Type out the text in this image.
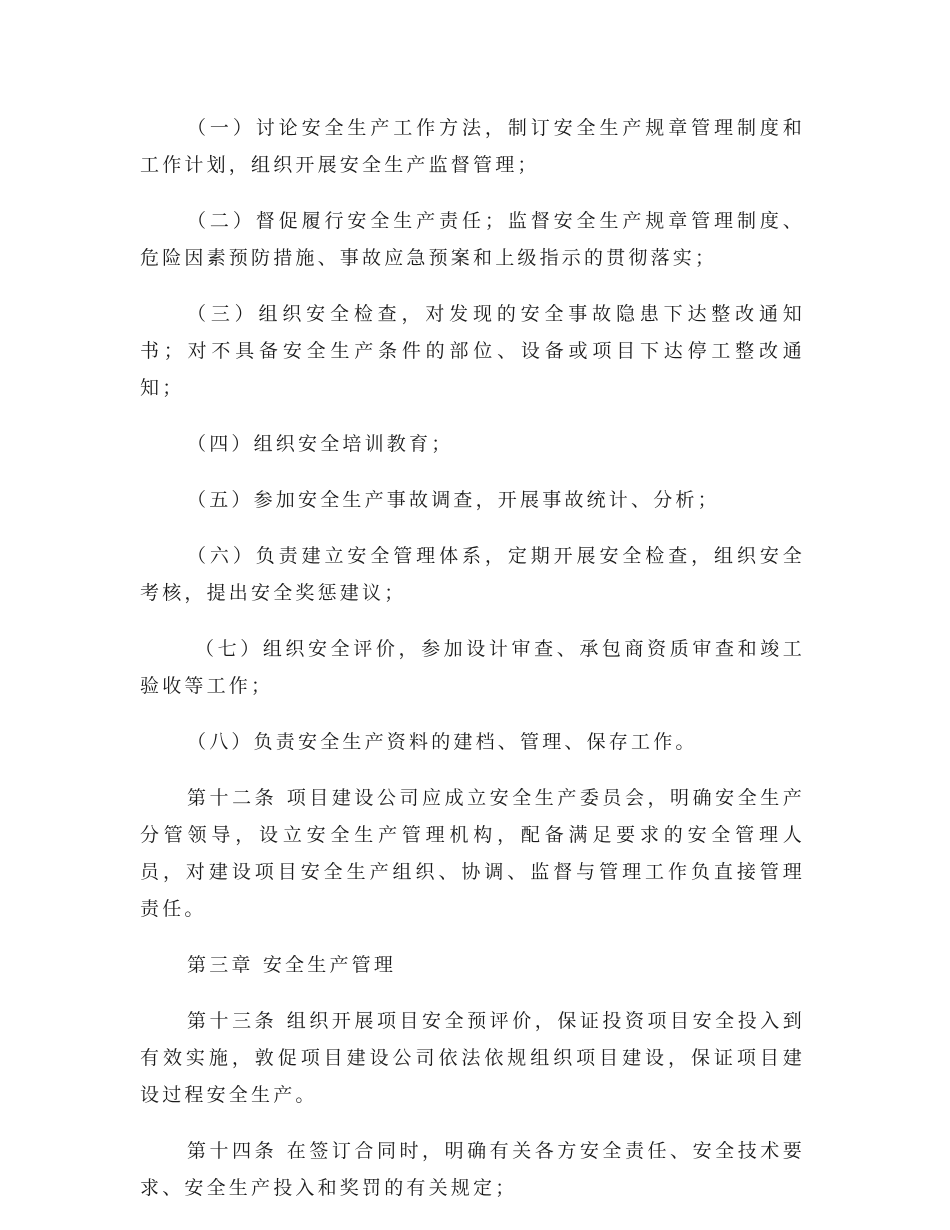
（一）讨论安全生产工作方法，制订安全生产规章管理制度和工作计划，组织开展安全生产监督管理；

（二）督促履行安全生产责任；监督安全生产规章管理制度、危险因素预防措施、事故应急预案和上级指示的贯彻落实；

（三）组织安全检查，对发现的安全事故隐患下达整改通知书；对不具备安全生产条件的部位、设备或项目下达停工整改通知；

（四）组织安全培训教育；

（五）参加安全生产事故调查，开展事故统计、分析；

（六）负责建立安全管理体系，定期开展安全检查，组织安全考核，提出安全奖惩建议；

（七）组织安全评价，参加设计审查、承包商资质审查和竣工验收等工作；

（八）负责安全生产资料的建档、管理、保存工作。

第十二条 项目建设公司应成立安全生产委员会，明确安全生产分管领导，设立安全生产管理机构，配备满足要求的安全管理人员，对建设项目安全生产组织、协调、监督与管理工作负直接管理责任。

第三章 安全生产管理

第十三条 组织开展项目安全预评价，保证投资项目安全投入到有效实施，敦促项目建设公司依法依规组织项目建设，保证项目建设过程安全生产。

第十四条 在签订合同时，明确有关各方安全责任、安全技术要求、安全生产投入和奖罚的有关规定；
